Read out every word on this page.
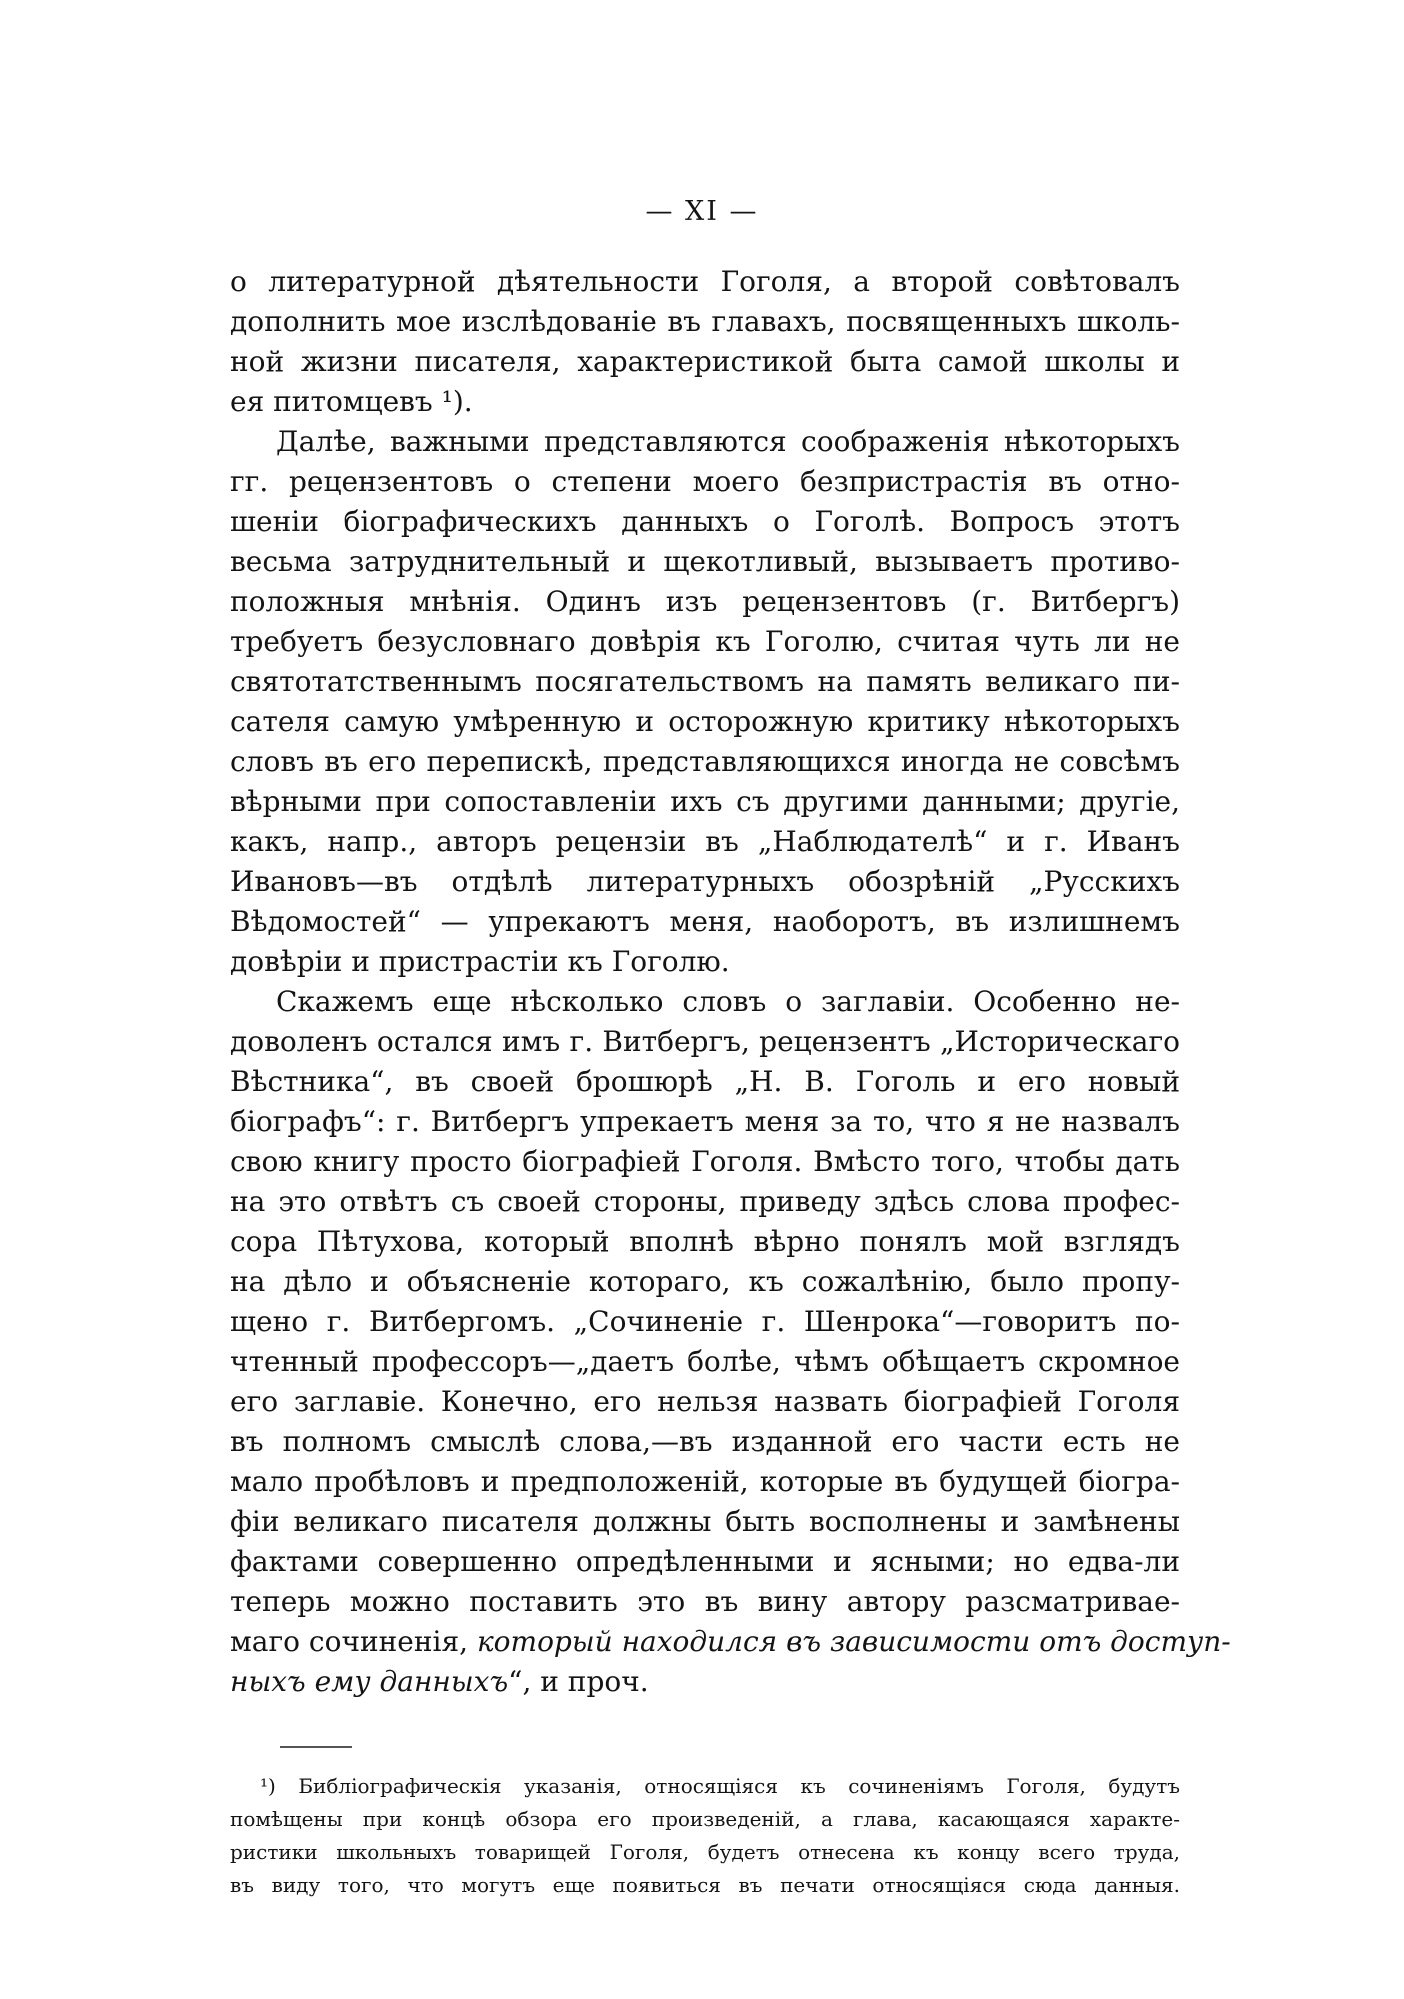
— XI —
о литературной дѣятельности Гоголя, а второй совѣтовалъ
дополнить мое изслѣдованіе въ главахъ, посвященныхъ школь-
ной жизни писателя, характеристикой быта самой школы и
ея питомцевъ ¹).
Далѣе, важными представляются соображенія нѣкоторыхъ
гг. рецензентовъ о степени моего безпристрастія въ отно-
шеніи біографическихъ данныхъ о Гоголѣ. Вопросъ этотъ
весьма затруднительный и щекотливый, вызываетъ противо-
положныя мнѣнія. Одинъ изъ рецензентовъ (г. Витбергъ)
требуетъ безусловнаго довѣрія къ Гоголю, считая чуть ли не
святотатственнымъ посягательствомъ на память великаго пи-
сателя самую умѣренную и осторожную критику нѣкоторыхъ
словъ въ его перепискѣ, представляющихся иногда не совсѣмъ
вѣрными при сопоставленіи ихъ съ другими данными; другіе,
какъ, напр., авторъ рецензіи въ „Наблюдателѣ“ и г. Иванъ
Ивановъ—въ отдѣлѣ литературныхъ обозрѣній „Русскихъ
Вѣдомостей“ — упрекаютъ меня, наоборотъ, въ излишнемъ
довѣріи и пристрастіи къ Гоголю.
Скажемъ еще нѣсколько словъ о заглавіи. Особенно не-
доволенъ остался имъ г. Витбергъ, рецензентъ „Историческаго
Вѣстника“, въ своей брошюрѣ „Н. В. Гоголь и его новый
біографъ“: г. Витбергъ упрекаетъ меня за то, что я не назвалъ
свою книгу просто біографіей Гоголя. Вмѣсто того, чтобы дать
на это отвѣтъ съ своей стороны, приведу здѣсь слова профес-
сора Пѣтухова, который вполнѣ вѣрно понялъ мой взглядъ
на дѣло и объясненіе котораго, къ сожалѣнію, было пропу-
щено г. Витбергомъ. „Сочиненіе г. Шенрока“—говоритъ по-
чтенный профессоръ—„даетъ болѣе, чѣмъ обѣщаетъ скромное
его заглавіе. Конечно, его нельзя назвать біографіей Гоголя
въ полномъ смыслѣ слова,—въ изданной его части есть не
мало пробѣловъ и предположеній, которые въ будущей біогра-
фіи великаго писателя должны быть восполнены и замѣнены
фактами совершенно опредѣленными и ясными; но едва-ли
теперь можно поставить это въ вину автору разсматривае-
маго сочиненія, который находился въ зависимости отъ доступ-
ныхъ ему данныхъ“, и проч.
¹) Библіографическія указанія, относящіяся къ сочиненіямъ Гоголя, будутъ
помѣщены при концѣ обзора его произведеній, а глава, касающаяся характе-
ристики школьныхъ товарищей Гоголя, будетъ отнесена къ концу всего труда,
въ виду того, что могутъ еще появиться въ печати относящіяся сюда данныя.
